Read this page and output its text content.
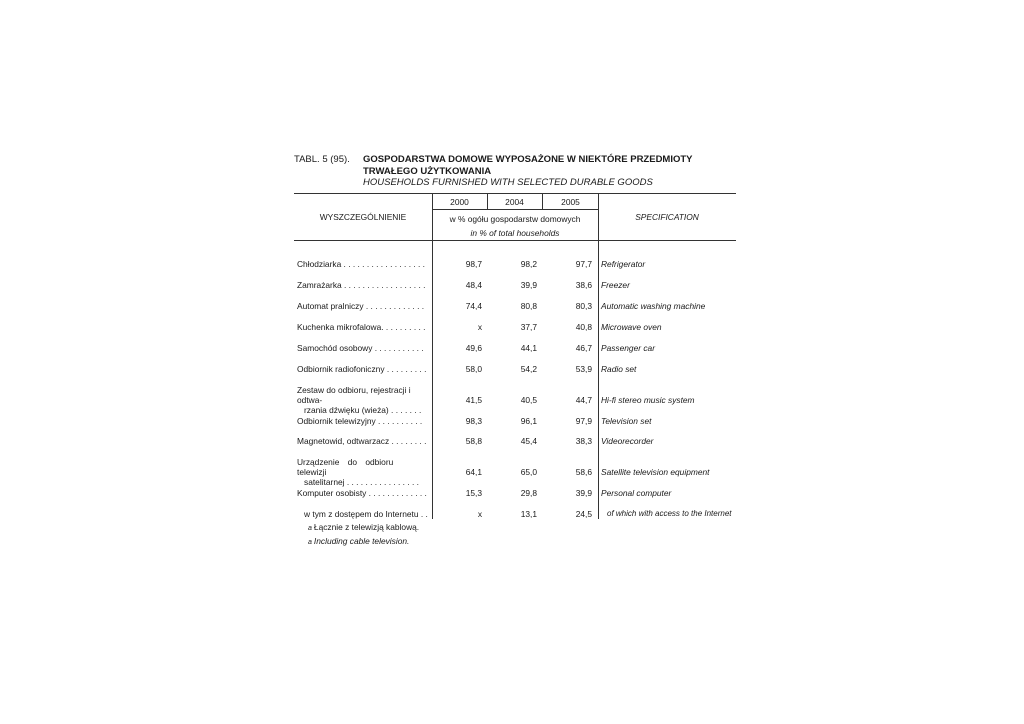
TABL. 5 (95). GOSPODARSTWA DOMOWE WYPOSAŻONE W NIEKTÓRE PRZEDMIOTY
TRWAŁEGO UŻYTKOWANIA
HOUSEHOLDS FURNISHED WITH SELECTED DURABLE GOODS
WYSZCZEGÓLNIENIE
2000	2004	2005
w % ogółu gospodarstw domowych
in % of total households
SPECIFICATION
Chłodziarka . . . . . . . . . . . . . . . . . .	98,7	98,2	97,7 Refrigerator
Zamrażarka . . . . . . . . . . . . . . . . . .	48,4	39,9	38,6 Freezer
Automat pralniczy . . . . . . . . . . . . .	74,4	80,8	80,3 Automatic washing machine
Kuchenka mikrofalowa. . . . . . . . . .	x	37,7	40,8 Microwave oven
Samochód osobowy . . . . . . . . . . .	49,6	44,1	46,7 Passenger car
Odbiornik radiofoniczny . . . . . . . . .	58,0	54,2	53,9 Radio set
Zestaw do odbioru, rejestracji i odtwa-
rzania dźwięku (wieża) . . . . . . .
41,5	40,5	44,7 Hi-fi stereo music system
Odbiornik telewizyjny . . . . . . . . . .	98,3	96,1	97,9 Television set
Magnetowid, odtwarzacz . . . . . . . .	58,8	45,4	38,3 Videorecorder
Urządzenie do odbioru telewizji
satelitarnej . . . . . . . . . . . . . . . .
64,1	65,0	58,6 Satellite television equipment
Komputer osobisty . . . . . . . . . . . . .	15,3	29,8	39,9 Personal computer
w tym z dostępem do Internetu . .	x	13,1	24,5 of which with access to the Internet
a Łącznie z telewizją kablową.
a Including cable television.
